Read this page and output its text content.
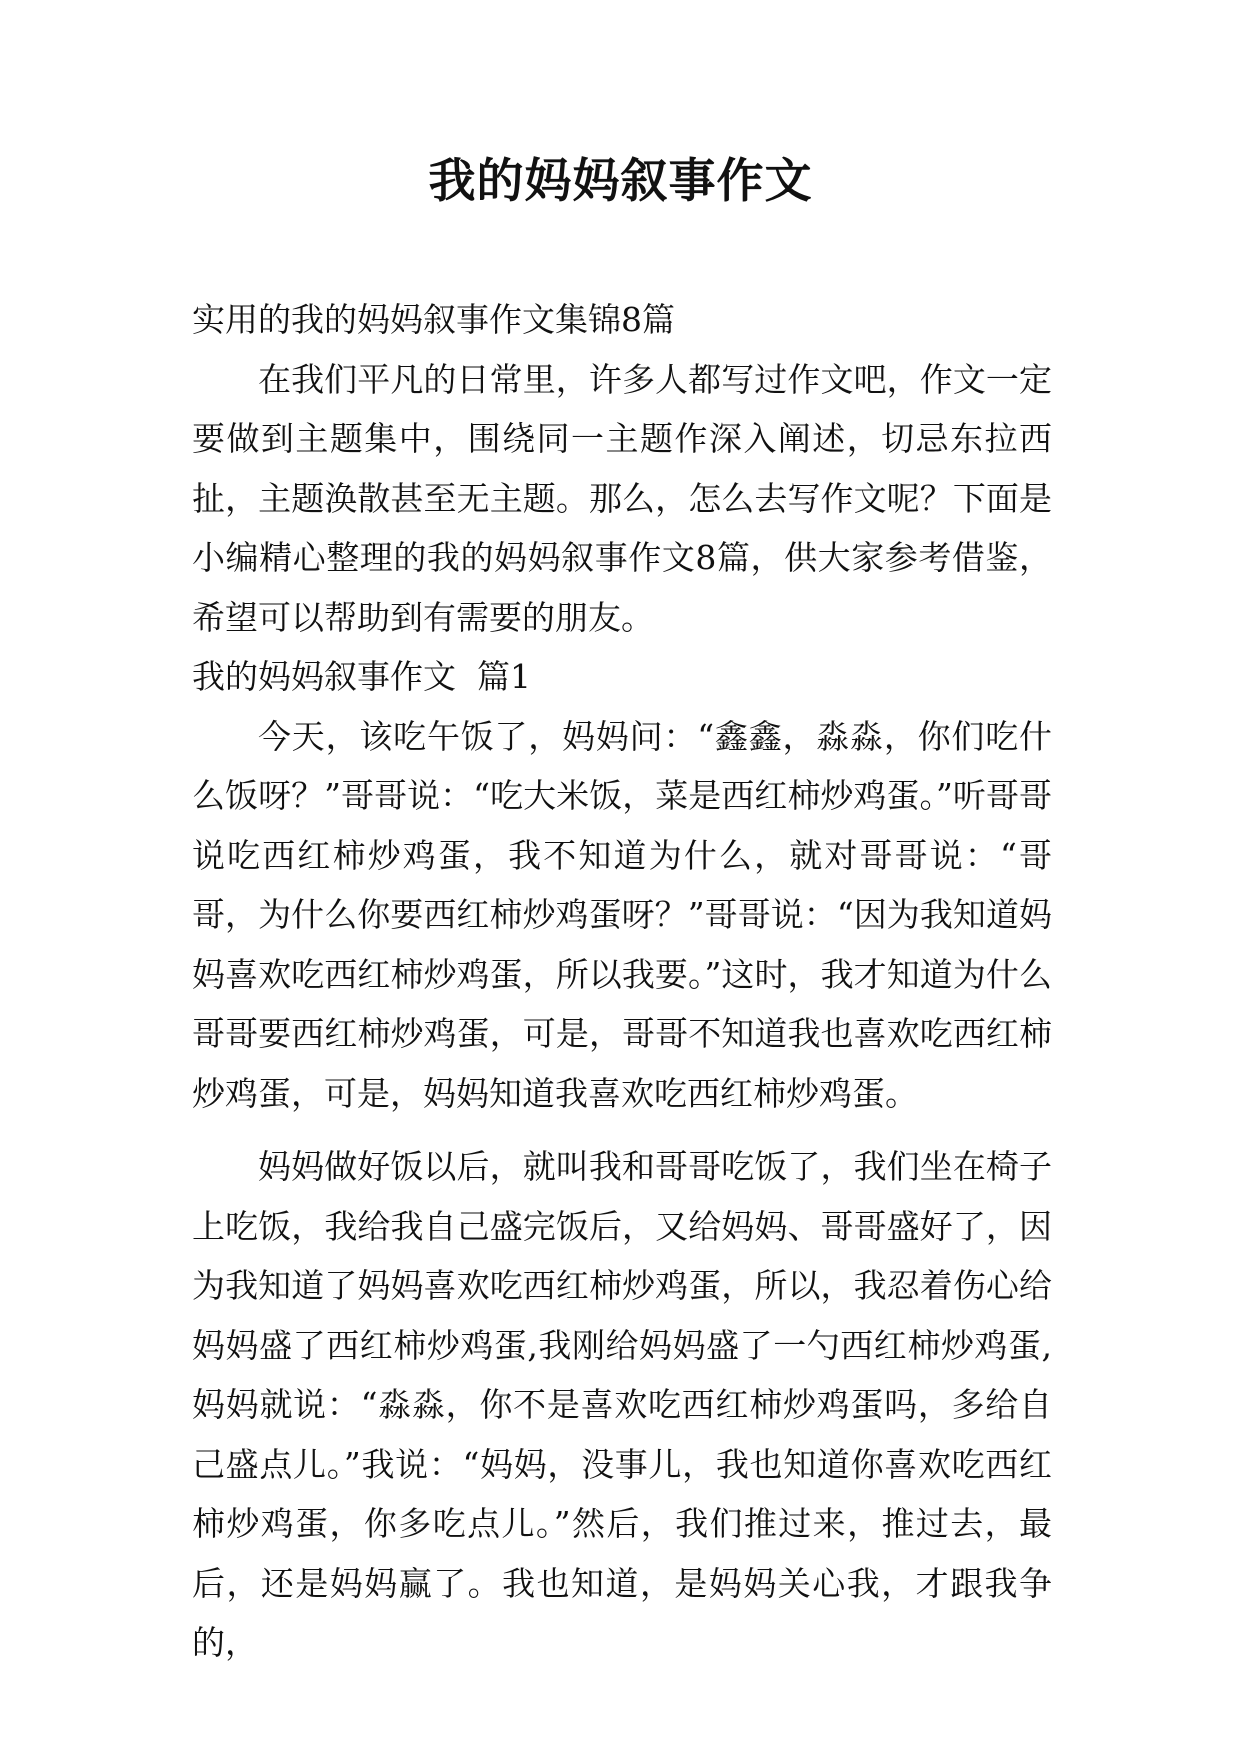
我的妈妈叙事作文

实用的我的妈妈叙事作文集锦8篇

在我们平凡的日常里，许多人都写过作文吧，作文一定要做到主题集中，围绕同一主题作深入阐述，切忌东拉西扯，主题涣散甚至无主题。那么，怎么去写作文呢？下面是小编精心整理的我的妈妈叙事作文8篇，供大家参考借鉴，希望可以帮助到有需要的朋友。

我的妈妈叙事作文  篇1

今天，该吃午饭了，妈妈问：“鑫鑫，淼淼，你们吃什么饭呀？”哥哥说：“吃大米饭，菜是西红柿炒鸡蛋。”听哥哥说吃西红柿炒鸡蛋，我不知道为什么，就对哥哥说：“哥哥，为什么你要西红柿炒鸡蛋呀？”哥哥说：“因为我知道妈妈喜欢吃西红柿炒鸡蛋，所以我要。”这时，我才知道为什么哥哥要西红柿炒鸡蛋，可是，哥哥不知道我也喜欢吃西红柿炒鸡蛋，可是，妈妈知道我喜欢吃西红柿炒鸡蛋。

妈妈做好饭以后，就叫我和哥哥吃饭了，我们坐在椅子上吃饭，我给我自己盛完饭后，又给妈妈、哥哥盛好了，因为我知道了妈妈喜欢吃西红柿炒鸡蛋，所以，我忍着伤心给妈妈盛了西红柿炒鸡蛋,我刚给妈妈盛了一勺西红柿炒鸡蛋,妈妈就说：“淼淼，你不是喜欢吃西红柿炒鸡蛋吗，多给自己盛点儿。”我说：“妈妈，没事儿，我也知道你喜欢吃西红柿炒鸡蛋，你多吃点儿。”然后，我们推过来，推过去，最后，还是妈妈赢了。我也知道，是妈妈关心我，才跟我争的，
